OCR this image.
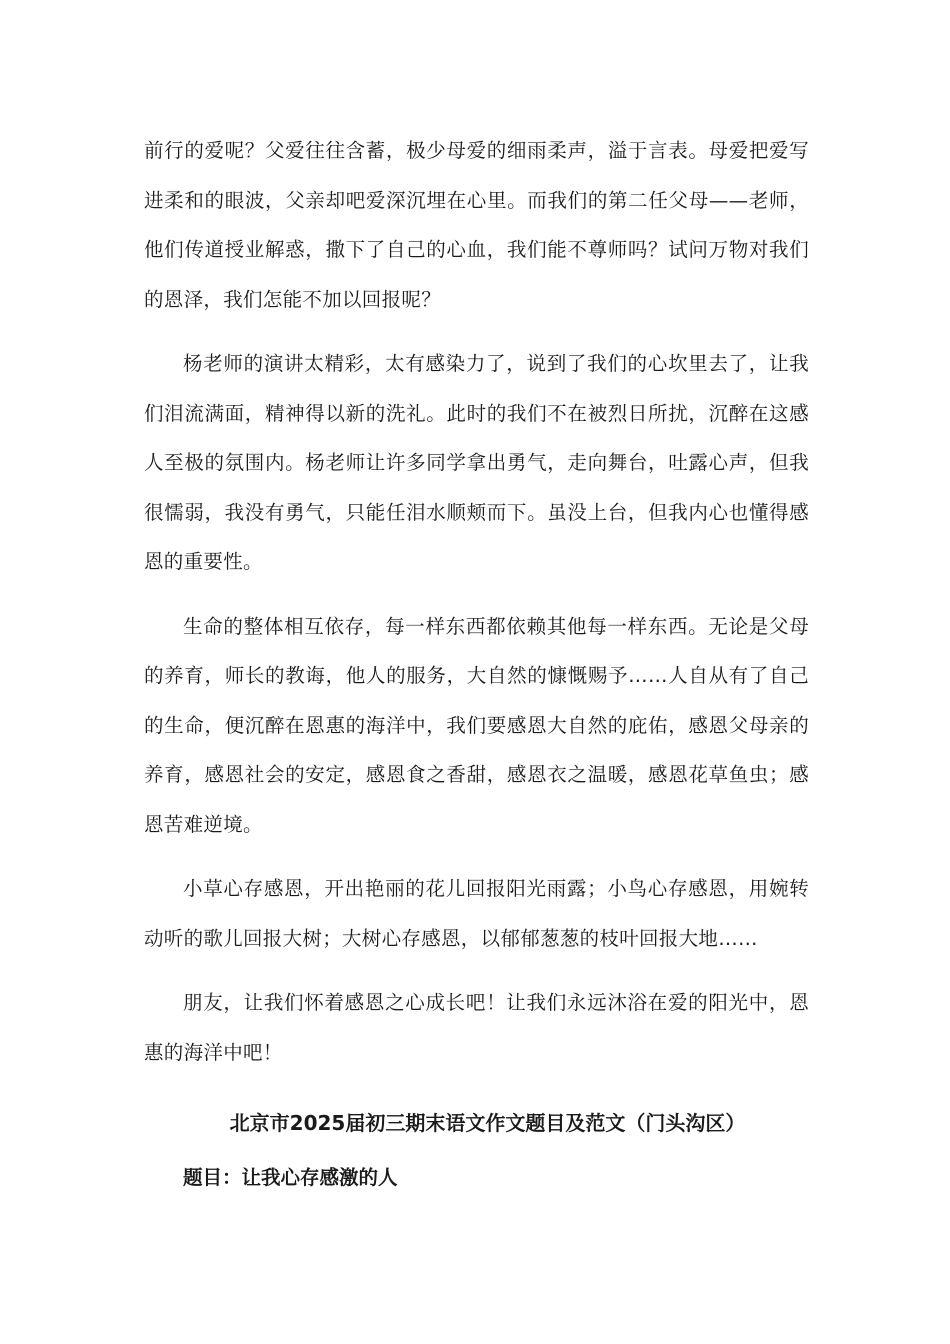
前行的爱呢？父爱往往含蓄，极少母爱的细雨柔声，溢于言表。母爱把爱写进柔和的眼波，父亲却吧爱深沉埋在心里。而我们的第二任父母——老师，他们传道授业解惑，撒下了自己的心血，我们能不尊师吗？试问万物对我们的恩泽，我们怎能不加以回报呢？

杨老师的演讲太精彩，太有感染力了，说到了我们的心坎里去了，让我们泪流满面，精神得以新的洗礼。此时的我们不在被烈日所扰，沉醉在这感人至极的氛围内。杨老师让许多同学拿出勇气，走向舞台，吐露心声，但我很懦弱，我没有勇气，只能任泪水顺颊而下。虽没上台，但我内心也懂得感恩的重要性。

生命的整体相互依存，每一样东西都依赖其他每一样东西。无论是父母的养育，师长的教诲，他人的服务，大自然的慷慨赐予……人自从有了自己的生命，便沉醉在恩惠的海洋中，我们要感恩大自然的庇佑，感恩父母亲的养育，感恩社会的安定，感恩食之香甜，感恩衣之温暖，感恩花草鱼虫；感恩苦难逆境。

小草心存感恩，开出艳丽的花儿回报阳光雨露；小鸟心存感恩，用婉转动听的歌儿回报大树；大树心存感恩，以郁郁葱葱的枝叶回报大地……

朋友，让我们怀着感恩之心成长吧！让我们永远沐浴在爱的阳光中，恩惠的海洋中吧！

北京市2025届初三期末语文作文题目及范文（门头沟区）

题目：让我心存感激的人
